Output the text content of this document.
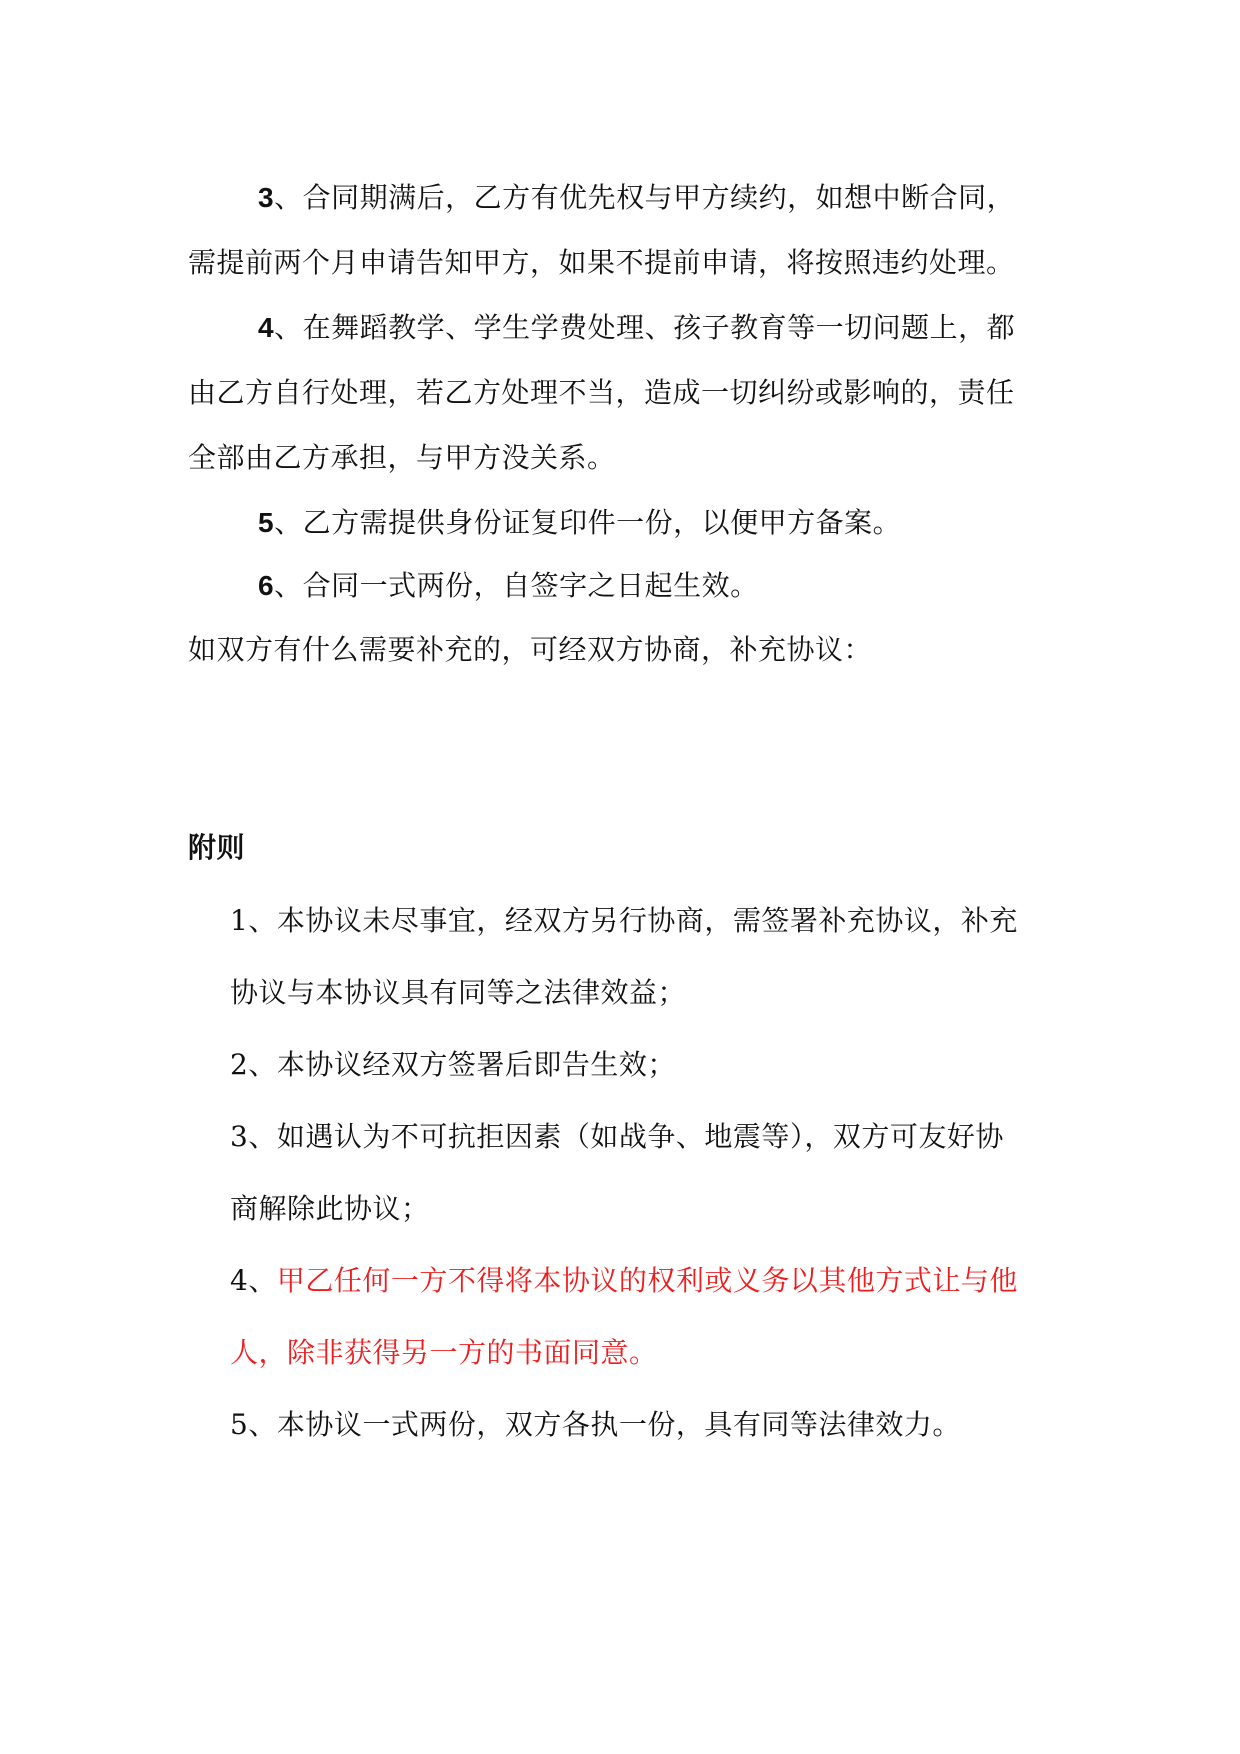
3、合同期满后，乙方有优先权与甲方续约，如想中断合同，
需提前两个月申请告知甲方，如果不提前申请，将按照违约处理。
4、在舞蹈教学、学生学费处理、孩子教育等一切问题上，都
由乙方自行处理，若乙方处理不当，造成一切纠纷或影响的，责任
全部由乙方承担，与甲方没关系。
5、乙方需提供身份证复印件一份，以便甲方备案。
6、合同一式两份，自签字之日起生效。
如双方有什么需要补充的，可经双方协商，补充协议：
附则
1、本协议未尽事宜，经双方另行协商，需签署补充协议，补充
协议与本协议具有同等之法律效益；
2、本协议经双方签署后即告生效；
3、如遇认为不可抗拒因素（如战争、地震等），双方可友好协
商解除此协议；
4、甲乙任何一方不得将本协议的权利或义务以其他方式让与他
人，除非获得另一方的书面同意。
5、本协议一式两份，双方各执一份，具有同等法律效力。
